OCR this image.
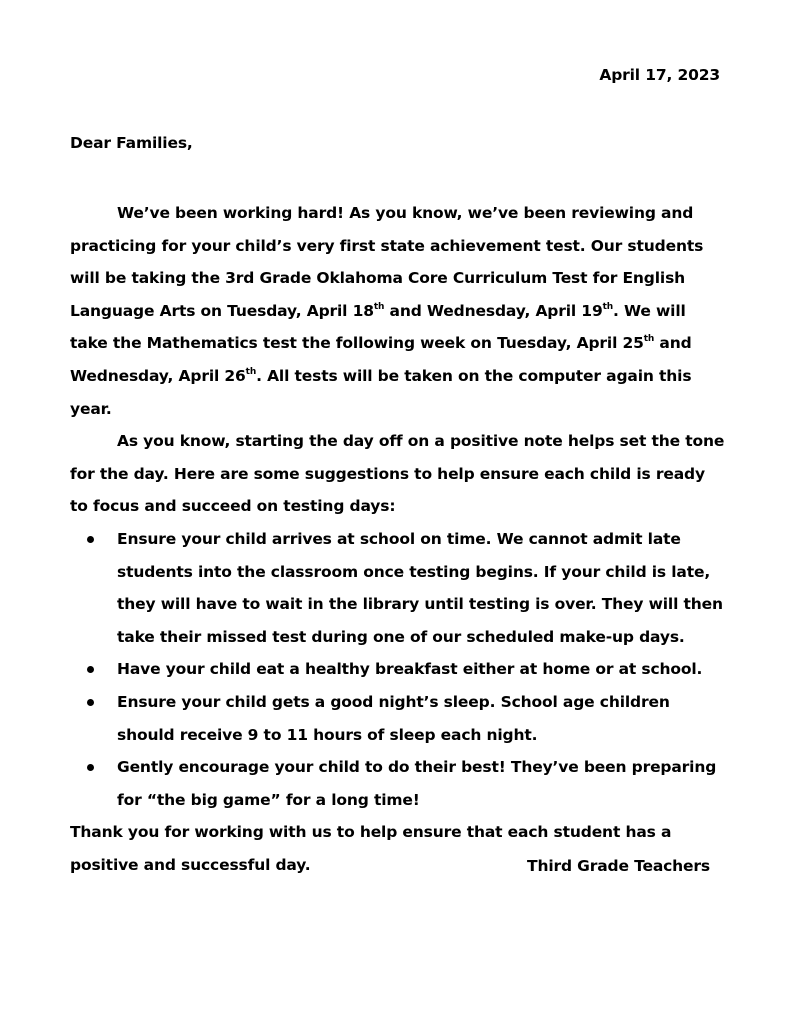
April 17, 2023
Dear Families,

We’ve been working hard! As you know, we’ve been reviewing and practicing for your child’s very first state achievement test. Our students will be taking the 3rd Grade Oklahoma Core Curriculum Test for English Language Arts on Tuesday, April 18th and Wednesday, April 19th. We will take the Mathematics test the following week on Tuesday, April 25th and Wednesday, April 26th. All tests will be taken on the computer again this year.

As you know, starting the day off on a positive note helps set the tone for the day. Here are some suggestions to help ensure each child is ready to focus and succeed on testing days:

Ensure your child arrives at school on time. We cannot admit late students into the classroom once testing begins. If your child is late, they will have to wait in the library until testing is over. They will then take their missed test during one of our scheduled make-up days.
Have your child eat a healthy breakfast either at home or at school.
Ensure your child gets a good night’s sleep. School age children should receive 9 to 11 hours of sleep each night.
Gently encourage your child to do their best! They’ve been preparing for “the big game” for a long time!

Thank you for working with us to help ensure that each student has a positive and successful day.	Third Grade Teachers
